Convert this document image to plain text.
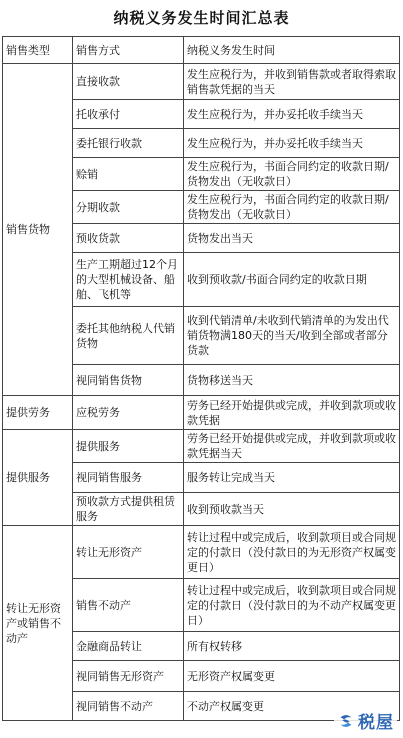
纳税义务发生时间汇总表
销售类型	销售方式	纳税义务发生时间
销售货物	直接收款	发生应税行为，并收到销售款或者取得索取销售款凭据的当天
	托收承付	发生应税行为，并办妥托收手续当天
	委托银行收款	发生应税行为，并办妥托收手续当天
	赊销	发生应税行为，书面合同约定的收款日期/货物发出（无收款日）
	分期收款	发生应税行为，书面合同约定的收款日期/货物发出（无收款日）
	预收货款	货物发出当天
	生产工期超过12个月的大型机械设备、船舶、飞机等	收到预收款/书面合同约定的收款日期
	委托其他纳税人代销货物	收到代销清单/未收到代销清单的为发出代销货物满180天的当天/收到全部或者部分货款
	视同销售货物	货物移送当天
提供劳务	应税劳务	劳务已经开始提供或完成，并收到款项或收款凭据
提供服务	提供服务	劳务已经开始提供或完成，并收到款项或收款凭据当天
	视同销售服务	服务转让完成当天
	预收款方式提供租赁服务	收到预收款当天
转让无形资产或销售不动产	转让无形资产	转让过程中或完成后，收到款项目或合同规定的付款日（没付款日的为无形资产权属变更日）
	销售不动产	转让过程中或完成后，收到款项目或合同规定的付款日（没付款日的为不动产权属变更日）
	金融商品转让	所有权转移
	视同销售无形资产	无形资产权属变更
	视同销售不动产	不动产权属变更
税屋
